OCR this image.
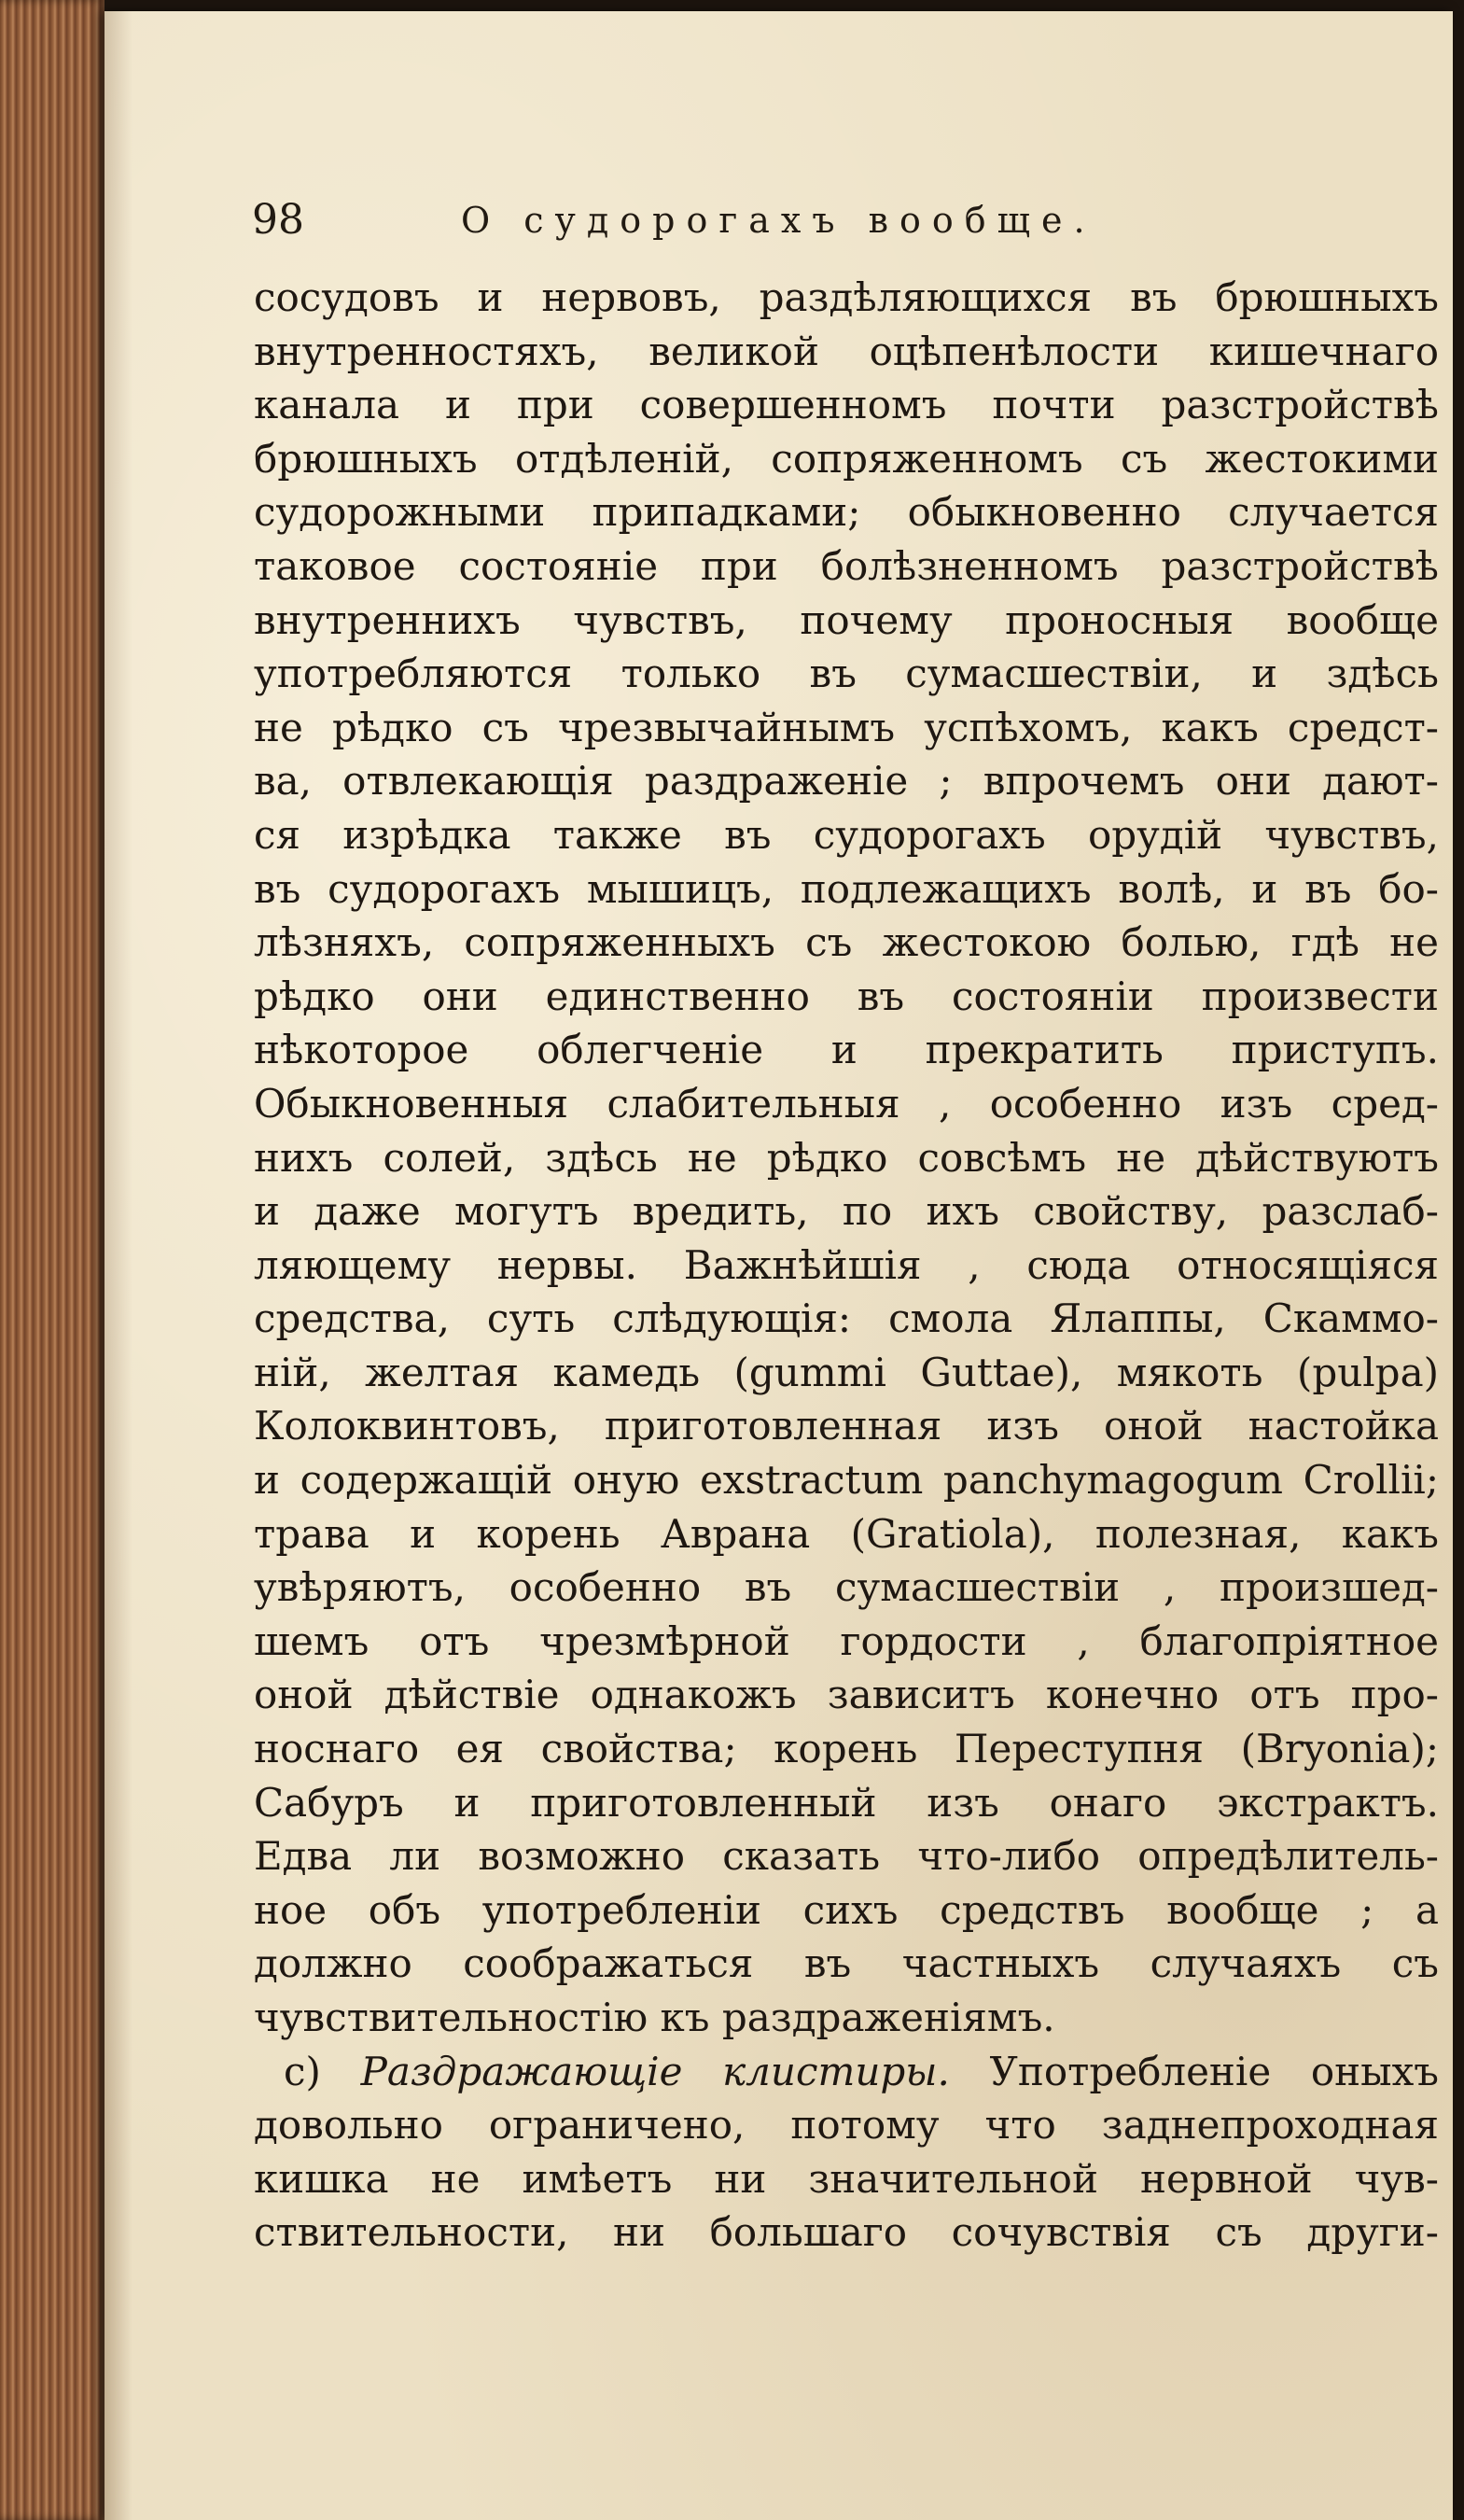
98	О судорогахъ вообще.
сосудовъ и нервовъ, раздѣляющихся въ брюшныхъ
внутренностяхъ, великой оцѣпенѣлости кишечнаго
канала и при совершенномъ почти разстройствѣ
брюшныхъ отдѣленій, сопряженномъ съ жестокими
судорожными припадками; обыкновенно случается
таковое состояніе при болѣзненномъ разстройствѣ
внутреннихъ чувствъ, почему проносныя вообще
употребляются только въ сумасшествіи, и здѣсь
не рѣдко съ чрезвычайнымъ успѣхомъ, какъ средст-
ва, отвлекающія раздраженіе ; впрочемъ они дают-
ся изрѣдка также въ судорогахъ орудій чувствъ,
въ судорогахъ мышицъ, подлежащихъ волѣ, и въ бо-
лѣзняхъ, сопряженныхъ съ жестокою болью, гдѣ не
рѣдко они единственно въ состояніи произвести
нѣкоторое облегченіе и прекратить приступъ.
Обыкновенныя слабительныя , особенно изъ сред-
нихъ солей, здѣсь не рѣдко совсѣмъ не дѣйствуютъ
и даже могутъ вредить, по ихъ свойству, разслаб-
ляющему нервы. Важнѣйшія , сюда относящіяся
средства, суть слѣдующія: смола Ялаппы, Скаммо-
ній, желтая камедь (gummi Guttae), мякоть (pulpa)
Колоквинтовъ, приготовленная изъ оной настойка
и содержащій оную exstractum panchymagogum Crollii;
трава и корень Аврана (Gratiola), полезная, какъ
увѣряютъ, особенно въ сумасшествіи , произшед-
шемъ отъ чрезмѣрной гордости , благопріятное
оной дѣйствіе однакожъ зависитъ конечно отъ про-
носнаго ея свойства; корень Переступня (Bryonia);
Сабуръ и приготовленный изъ онаго экстрактъ.
Едва ли возможно сказать что-либо опредѣлитель-
ное объ употребленіи сихъ средствъ вообще ; а
должно соображаться въ частныхъ случаяхъ съ
чувствительностію къ раздраженіямъ.
c) Раздражающіе клистиры. Употребленіе оныхъ
довольно ограничено, потому что заднепроходная
кишка не имѣетъ ни значительной нервной чув-
ствительности, ни большаго сочувствія съ други-
